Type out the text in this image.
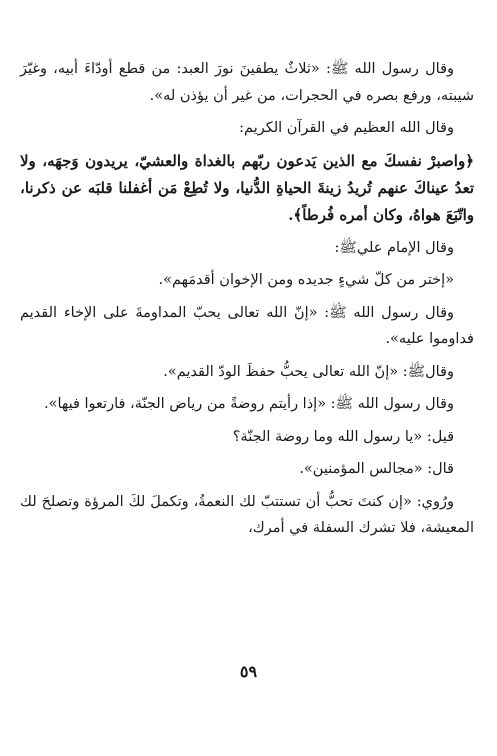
وقال رسول الله ﷺ: «ثلاثٌ يطفينَ نورَ العبد: من قطع أودّاءَ أبيه، وغيّرَ شيبته، ورفع بصره في الحجرات، من غير أن يؤذن له».

وقال الله العظيم في القرآن الكريم:

﴿واصبرْ نفسكَ مع الذين يَدعون ربّهم بالغداة والعشيّ، يريدون وَجهَه، ولا تعدُ عيناكَ عنهم تُريدُ زينةَ الحياةِ الدُّنيا، ولا تُطِعْ مَن أغفلنا قلبَه عن ذكرنا، واتّبَعَ هواهُ، وكان أمره فُرطاً﴾.

وقال الإمام عليﷺ:

«إختر من كلّ شيءٍ جديده ومن الإخوان أقدمَهم».

وقال رسول الله ﷺ: «إنّ الله تعالى يحبّ المداومةَ على الإخاء القديم فداوموا عليه».

وقالﷺ: «إنّ الله تعالى يحبُّ حفظَ الودّ القديم».

وقال رسول الله ﷺ: «إذا رأيتم روضةً من رياض الجنّة، فارتعوا فيها».

قيل: «يا رسول الله وما روضة الجنّة؟

قال: «مجالس المؤمنين».

ورُوي: «إن كنتَ تحبُّ أن تستتبّ لك النعمةُ، وتكملَ لكَ المرؤة وتصلحَ لك المعيشة، فلا تشرك السفلة في أمرك،

٥٩
